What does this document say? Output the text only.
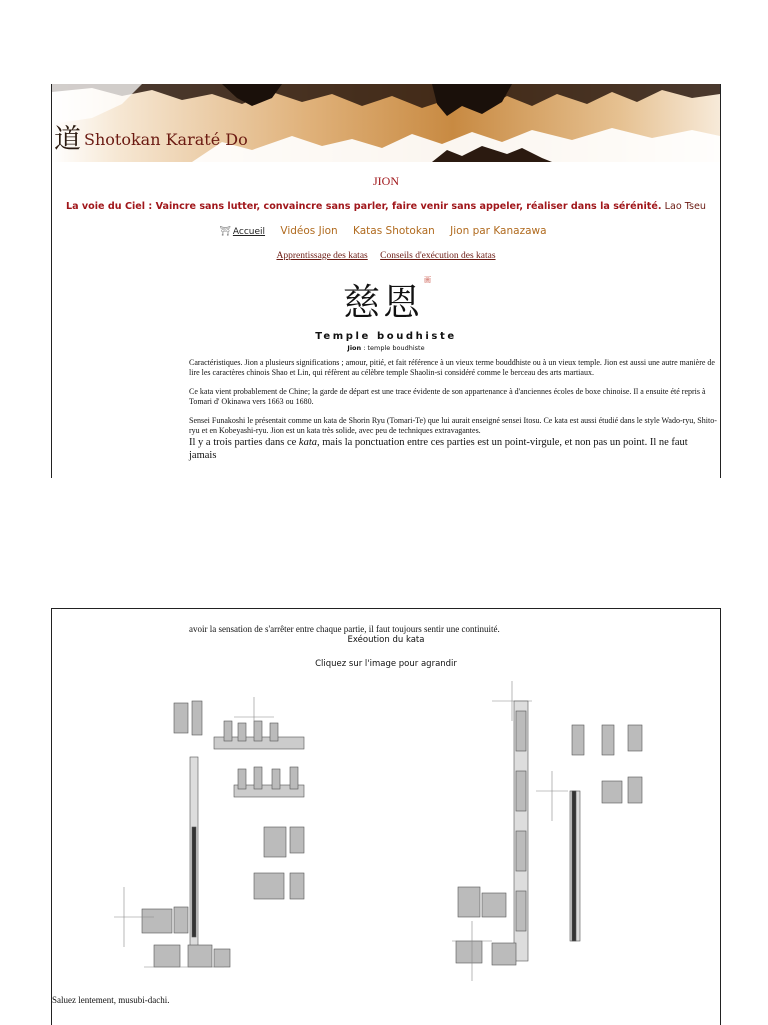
道 Shotokan Karaté Do
JION
La voie du Ciel : Vaincre sans lutter, convaincre sans parler, faire venir sans appeler, réaliser dans la sérénité. Lao Tseu
⛩ Accueil Vidéos Jion Katas Shotokan Jion par Kanazawa
Apprentissage des katas Conseils d'exécution des katas
慈恩
画
Temple boudhiste
Jion : temple boudhiste

Caractéristiques. Jion a plusieurs significations ; amour, pitié, et fait référence à un vieux terme bouddhiste ou à un vieux temple. Jion est aussi une autre manière de lire les caractères chinois Shao et Lin, qui réfèrent au célèbre temple Shaolin-si considéré comme le berceau des arts martiaux.

Ce kata vient probablement de Chine; la garde de départ est une trace évidente de son appartenance à d'anciennes écoles de boxe chinoise. Il a ensuite été repris à Tomari d' Okinawa vers 1663 ou 1680.

Sensei Funakoshi le présentait comme un kata de Shorin Ryu (Tomari-Te) que lui aurait enseigné sensei Itosu. Ce kata est aussi étudié dans le style Wado-ryu, Shito-ryu et en Kobeyashi-ryu. Jion est un kata très solide, avec peu de techniques extravagantes.

Il y a trois parties dans ce kata, mais la ponctuation entre ces parties est un point-virgule, et non pas un point. Il ne faut jamais

avoir la sensation de s'arrêter entre chaque partie, il faut toujours sentir une continuité.
Exéoution du kata
Cliquez sur l'image pour agrandir
Saluez lentement, musubi-dachi.
